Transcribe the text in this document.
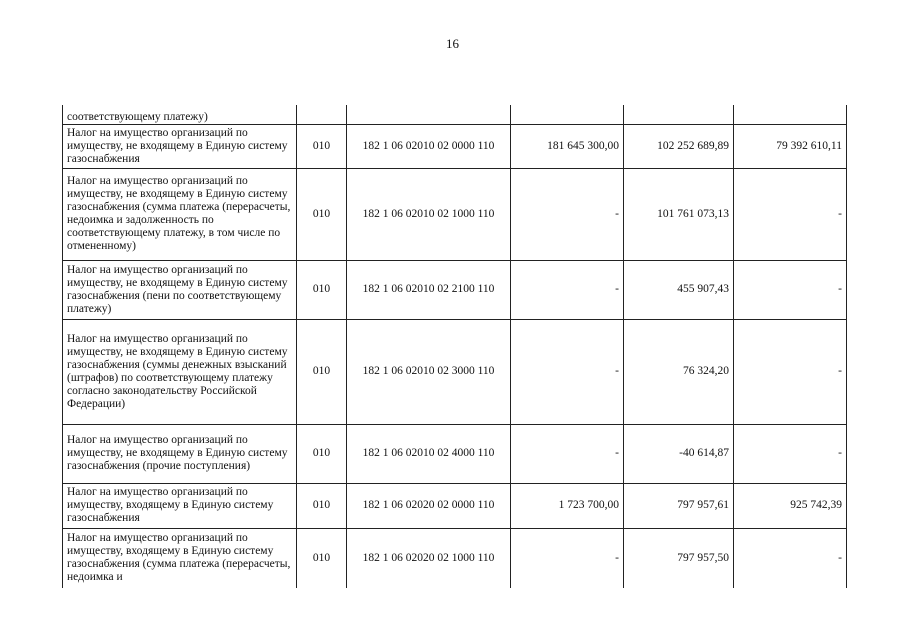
16
соответствующему платежу)					
Налог на имущество организаций по имуществу, не входящему в Единую систему газоснабжения	010	182 1 06 02010 02 0000 110	181 645 300,00	102 252 689,89	79 392 610,11
Налог на имущество организаций по имуществу, не входящему в Единую систему газоснабжения (сумма платежа (перерасчеты, недоимка и задолженность по соответствующему платежу, в том числе по отмененному)	010	182 1 06 02010 02 1000 110	-	101 761 073,13	-
Налог на имущество организаций по имуществу, не входящему в Единую систему газоснабжения (пени по соответствующему платежу)	010	182 1 06 02010 02 2100 110	-	455 907,43	-
Налог на имущество организаций по имуществу, не входящему в Единую систему газоснабжения (суммы денежных взысканий (штрафов) по соответствующему платежу согласно законодательству Российской Федерации)	010	182 1 06 02010 02 3000 110	-	76 324,20	-
Налог на имущество организаций по имуществу, не входящему в Единую систему газоснабжения (прочие поступления)	010	182 1 06 02010 02 4000 110	-	-40 614,87	-
Налог на имущество организаций по имуществу, входящему в Единую систему газоснабжения	010	182 1 06 02020 02 0000 110	1 723 700,00	797 957,61	925 742,39
Налог на имущество организаций по имуществу, входящему в Единую систему газоснабжения (сумма платежа (перерасчеты, недоимка и	010	182 1 06 02020 02 1000 110	-	797 957,50	-
